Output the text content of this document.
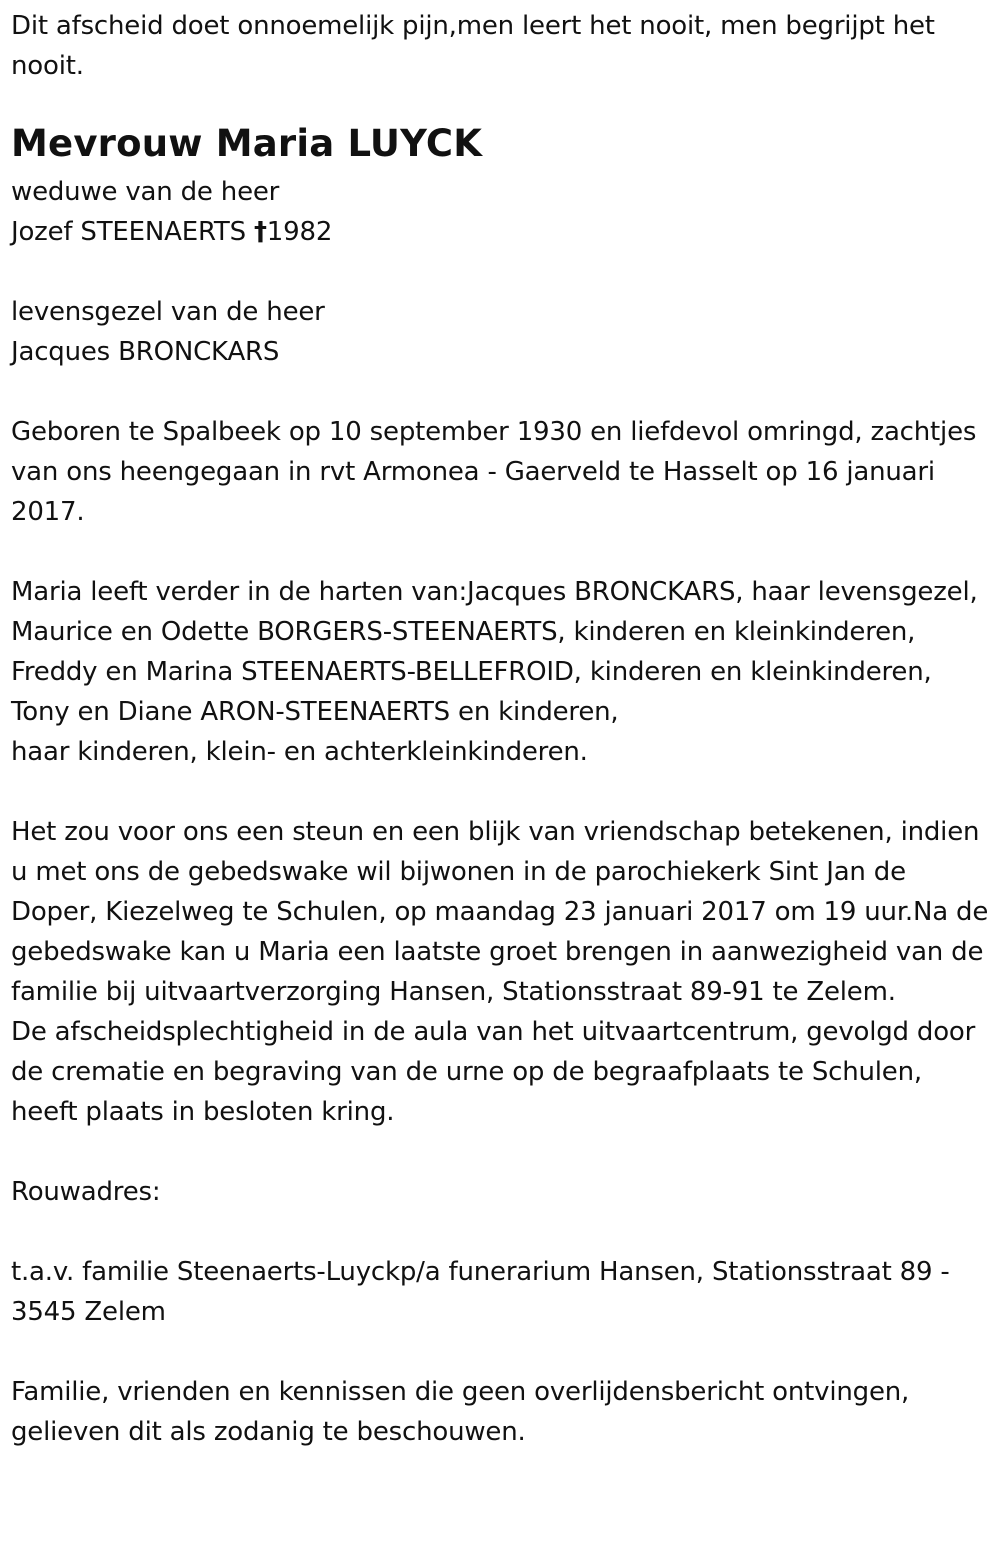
Dit afscheid doet onnoemelijk pijn,men leert het nooit, men begrijpt het nooit.

Mevrouw Maria LUYCK

weduwe van de heer

Jozef STEENAERTS †1982

levensgezel van de heer

Jacques BRONCKARS

Geboren te Spalbeek op 10 september 1930 en liefdevol omringd, zachtjes van ons heengegaan in rvt Armonea - Gaerveld te Hasselt op 16 januari 2017.

Maria leeft verder in de harten van:Jacques BRONCKARS, haar levensgezel,

Maurice en Odette BORGERS-STEENAERTS, kinderen en kleinkinderen,

Freddy en Marina STEENAERTS-BELLEFROID, kinderen en kleinkinderen,

Tony en Diane ARON-STEENAERTS en kinderen,

haar kinderen, klein- en achterkleinkinderen.

Het zou voor ons een steun en een blijk van vriendschap betekenen, indien u met ons de gebedswake wil bijwonen in de parochiekerk Sint Jan de Doper, Kiezelweg te Schulen, op maandag 23 januari 2017 om 19 uur.Na de gebedswake kan u Maria een laatste groet brengen in aanwezigheid van de familie bij uitvaartverzorging Hansen, Stationsstraat 89-91 te Zelem.

De afscheidsplechtigheid in de aula van het uitvaartcentrum, gevolgd door de crematie en begraving van de urne op de begraafplaats te Schulen, heeft plaats in besloten kring.

Rouwadres:

t.a.v. familie Steenaerts-Luyckp/a funerarium Hansen, Stationsstraat 89 - 3545 Zelem

Familie, vrienden en kennissen die geen overlijdensbericht ontvingen, gelieven dit als zodanig te beschouwen.
